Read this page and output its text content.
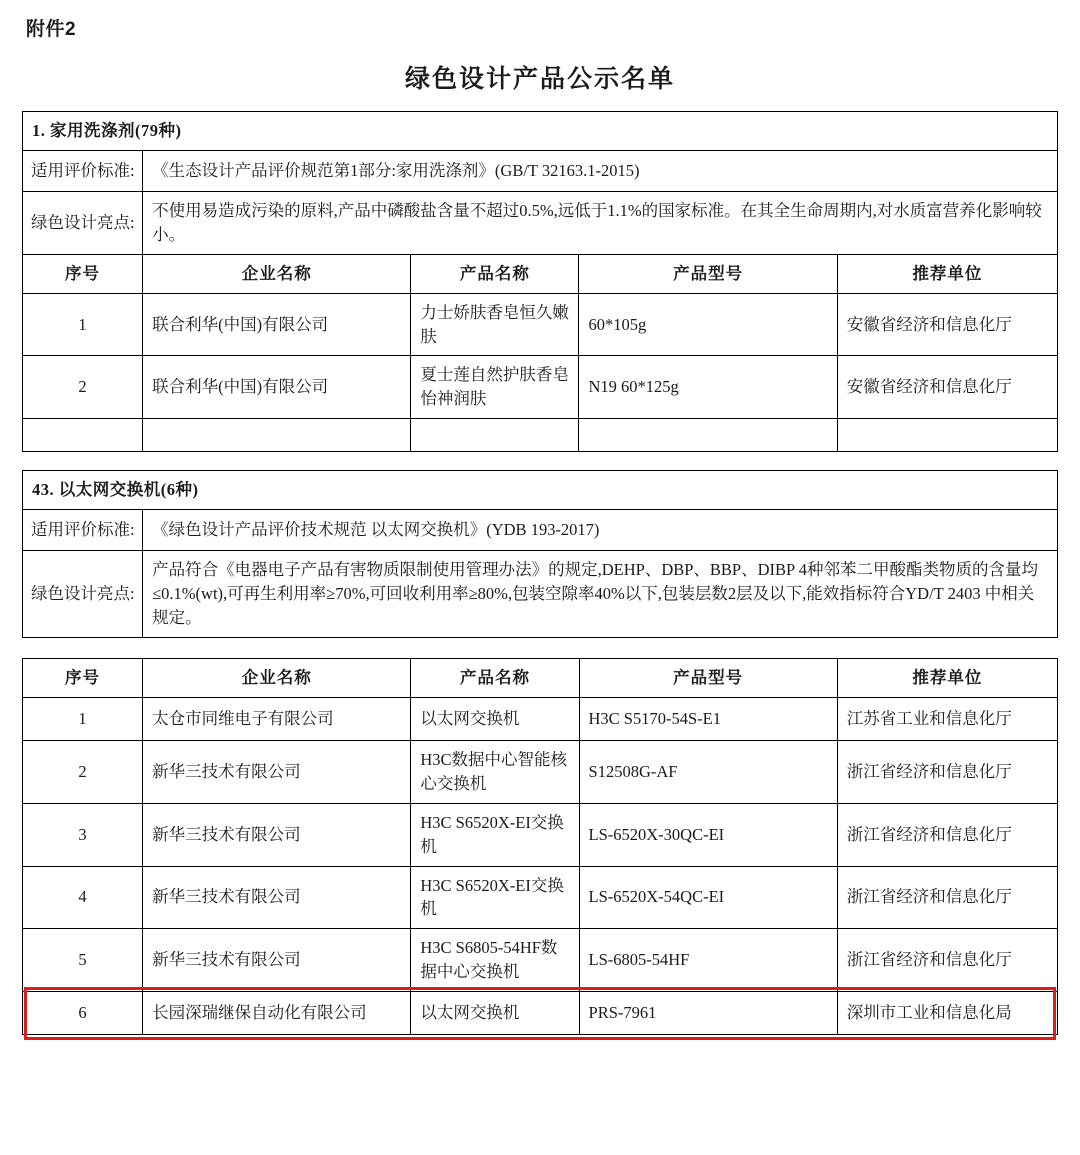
附件2
绿色设计产品公示名单
1. 家用洗涤剂(79种)				
适用评价标准:	《生态设计产品评价规范第1部分:家用洗涤剂》(GB/T 32163.1-2015)			
绿色设计亮点:	不使用易造成污染的原料,产品中磷酸盐含量不超过0.5%,远低于1.1%的国家标准。在其全生命周期内,对水质富营养化影响较小。			
序号	企业名称	产品名称	产品型号	推荐单位
1	联合利华(中国)有限公司	力士娇肤香皂恒久嫩肤	60*105g	安徽省经济和信息化厅
2	联合利华(中国)有限公司	夏士莲自然护肤香皂怡神润肤	N19 60*125g	安徽省经济和信息化厅

43. 以太网交换机(6种)	
适用评价标准:	《绿色设计产品评价技术规范 以太网交换机》(YDB 193-2017)
绿色设计亮点:	产品符合《电器电子产品有害物质限制使用管理办法》的规定,DEHP、DBP、BBP、DIBP 4种邻苯二甲酸酯类物质的含量均≤0.1%(wt),可再生利用率≥70%,可回收利用率≥80%,包装空隙率40%以下,包装层数2层及以下,能效指标符合YD/T 2403 中相关规定。
序号	企业名称	产品名称	产品型号	推荐单位
1	太仓市同维电子有限公司	以太网交换机	H3C S5170-54S-E1	江苏省工业和信息化厅
2	新华三技术有限公司	H3C数据中心智能核心交换机	S12508G-AF	浙江省经济和信息化厅
3	新华三技术有限公司	H3C S6520X-EI交换机	LS-6520X-30QC-EI	浙江省经济和信息化厅
4	新华三技术有限公司	H3C S6520X-EI交换机	LS-6520X-54QC-EI	浙江省经济和信息化厅
5	新华三技术有限公司	H3C S6805-54HF数据中心交换机	LS-6805-54HF	浙江省经济和信息化厅
6	长园深瑞继保自动化有限公司	以太网交换机	PRS-7961	深圳市工业和信息化局
